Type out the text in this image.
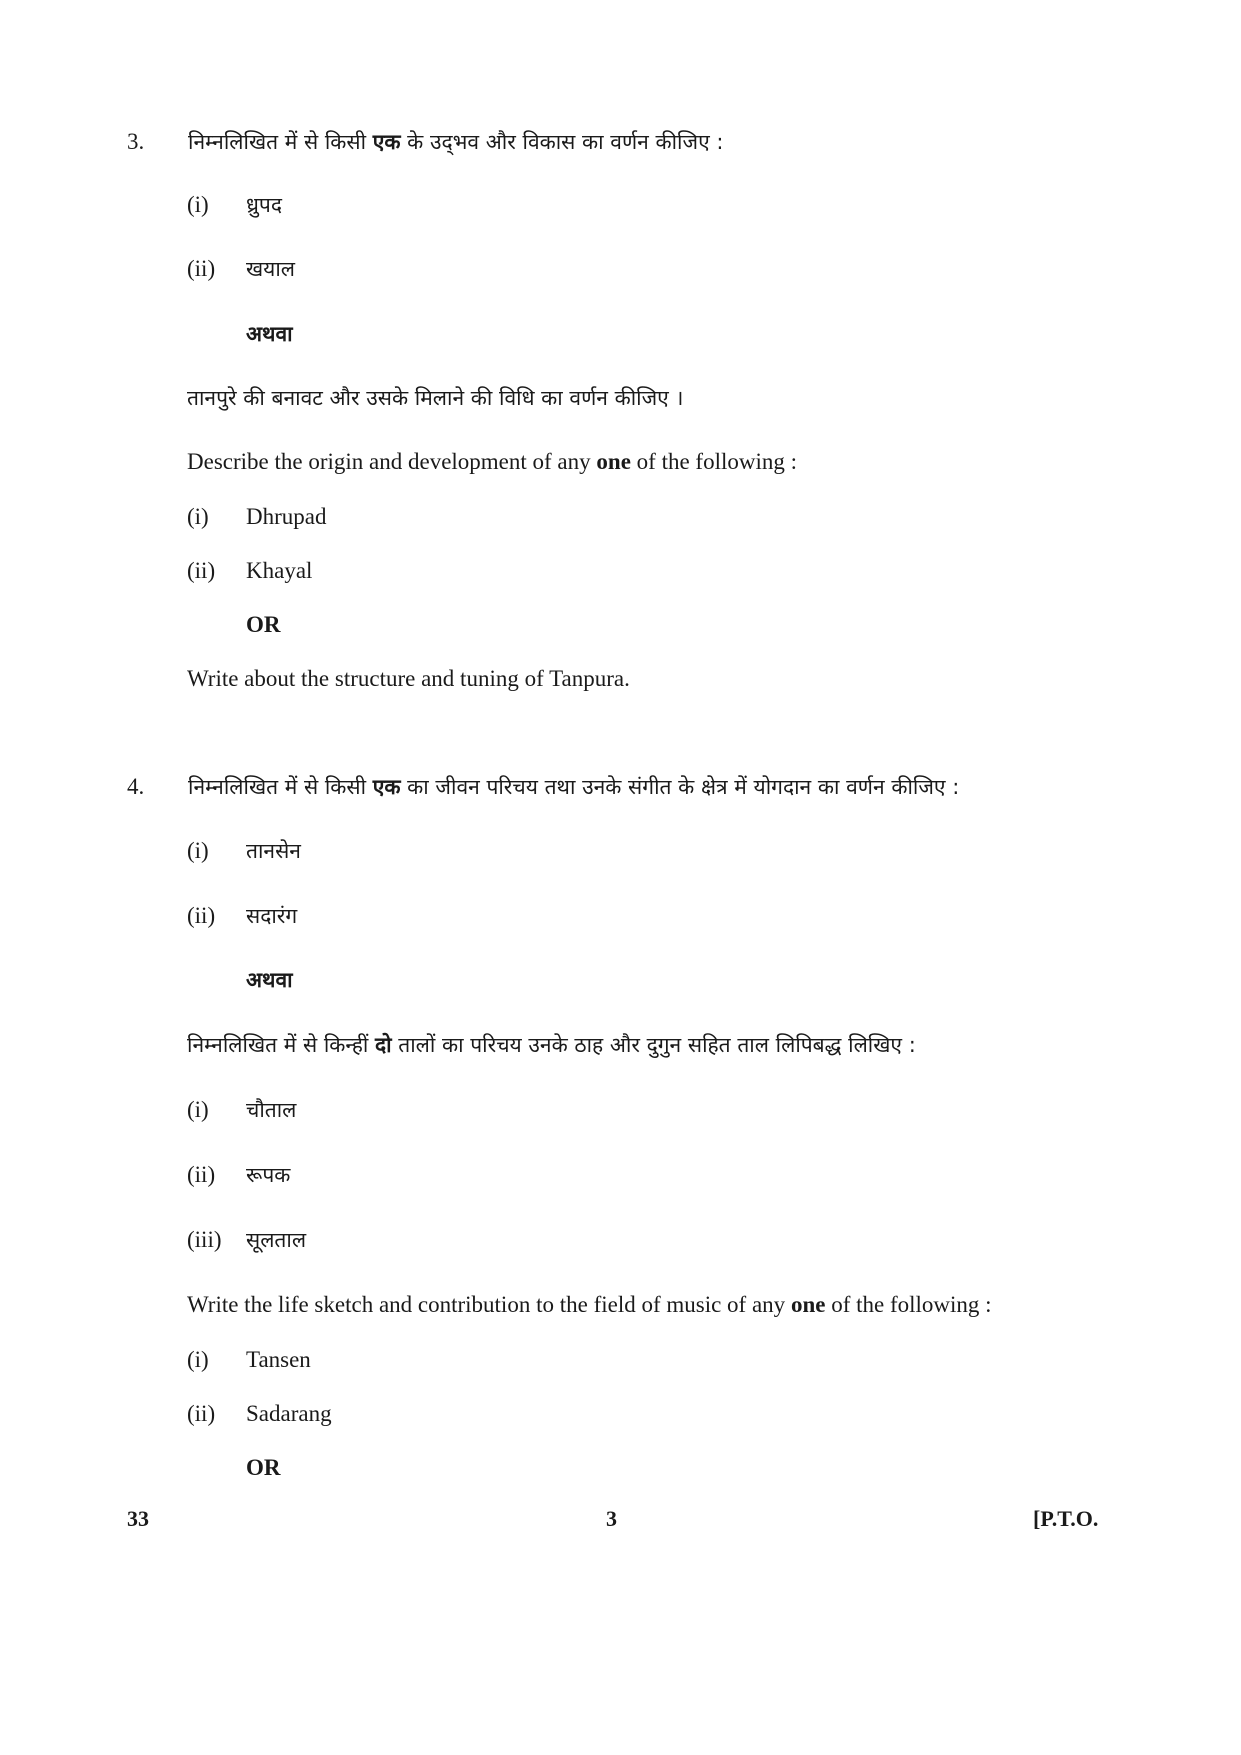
3. निम्नलिखित में से किसी एक के उद्‌भव और विकास का वर्णन कीजिए :
(i) ध्रुपद
(ii) खयाल
अथवा
तानपुरे की बनावट और उसके मिलाने की विधि का वर्णन कीजिए ।
Describe the origin and development of any one of the following :
(i) Dhrupad
(ii) Khayal
OR
Write about the structure and tuning of Tanpura.
4. निम्नलिखित में से किसी एक का जीवन परिचय तथा उनके संगीत के क्षेत्र में योगदान का वर्णन कीजिए :
(i) तानसेन
(ii) सदारंग
अथवा
निम्नलिखित में से किन्हीं दो तालों का परिचय उनके ठाह और दुगुन सहित ताल लिपिबद्ध लिखिए :
(i) चौताल
(ii) रूपक
(iii) सूलताल
Write the life sketch and contribution to the field of music of any one of the following :
(i) Tansen
(ii) Sadarang
OR
33	3	[P.T.O.
